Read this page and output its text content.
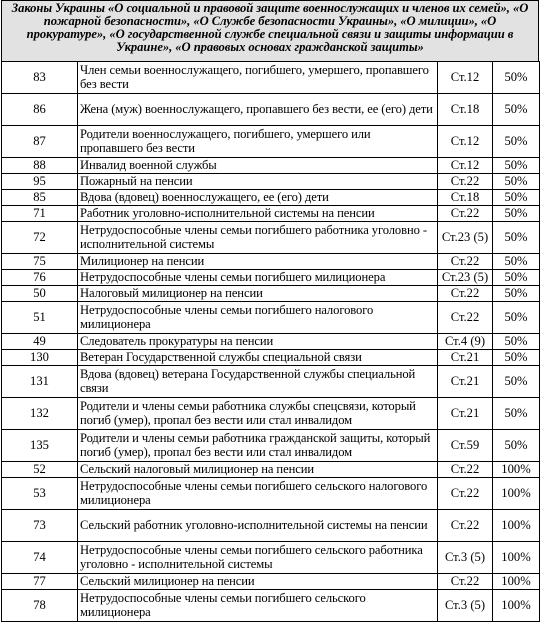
Законы Украины «О социальной и правовой защите военнослужащих и членов их семей», «О пожарной безопасности», «О Службе безопасности Украины», «О милиции», «О прокуратуре», «О государственной службе специальной связи и защиты информации в Украине», «О правовых основах гражданской защиты»
83	Член семьи военнослужащего, погибшего, умершего, пропавшего без вести	Ст.12	50%
86	Жена (муж) военнослужащего, пропавшего без вести, ее (его) дети	Ст.18	50%
87	Родители военнослужащего, погибшего, умершего или пропавшего без вести	Ст.12	50%
88	Инвалид военной службы	Ст.12	50%
95	Пожарный на пенсии	Ст.22	50%
85	Вдова (вдовец) военнослужащего, ее (его) дети	Ст.18	50%
71	Работник уголовно-исполнительной системы на пенсии	Ст.22	50%
72	Нетрудоспособные члены семьи погибшего работника уголовно - исполнительной системы	Ст.23 (5)	50%
75	Милиционер на пенсии	Ст.22	50%
76	Нетрудоспособные члены семьи погибшего милиционера	Ст.23 (5)	50%
50	Налоговый милиционер на пенсии	Ст.22	50%
51	Нетрудоспособные члены семьи погибшего налогового милиционера	Ст.22	50%
49	Следователь прокуратуры на пенсии	Ст.4 (9)	50%
130	Ветеран Государственной службы специальной связи	Ст.21	50%
131	Вдова (вдовец) ветерана Государственной службы специальной связи	Ст.21	50%
132	Родители и члены семьи работника службы спецсвязи, который погиб (умер), пропал без вести или стал инвалидом	Ст.21	50%
135	Родители и члены семьи работника гражданской защиты, который погиб (умер), пропал без вести или стал инвалидом	Ст.59	50%
52	Сельский налоговый милиционер на пенсии	Ст.22	100%
53	Нетрудоспособные члены семьи погибшего сельского налогового милиционера	Ст.22	100%
73	Сельский работник уголовно-исполнительной системы на пенсии	Ст.22	100%
74	Нетрудоспособные члены семьи погибшего сельского работника уголовно - исполнительной системы	Ст.3 (5)	100%
77	Сельский милиционер на пенсии	Ст.22	100%
78	Нетрудоспособные члены семьи погибшего сельского милиционера	Ст.3 (5)	100%
